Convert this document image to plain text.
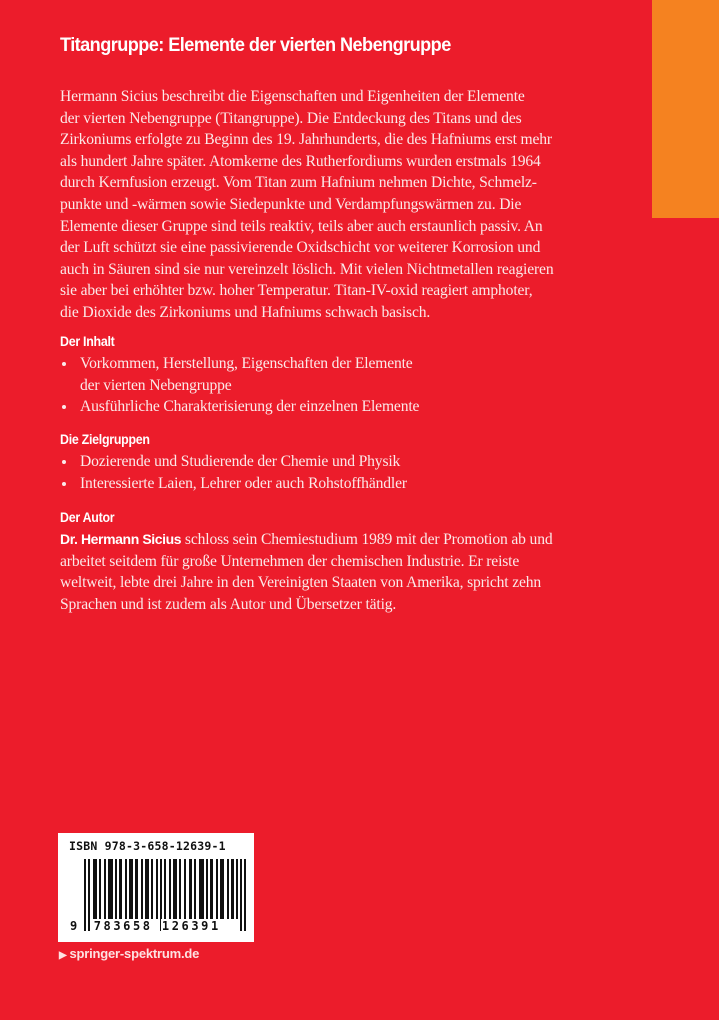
Titangruppe: Elemente der vierten Nebengruppe
Hermann Sicius beschreibt die Eigenschaften und Eigenheiten der Elemente
der vierten Nebengruppe (Titangruppe). Die Entdeckung des Titans und des
Zirkoniums erfolgte zu Beginn des 19. Jahrhunderts, die des Hafniums erst mehr
als hundert Jahre später. Atomkerne des Rutherfordiums wurden erstmals 1964
durch Kernfusion erzeugt. Vom Titan zum Hafnium nehmen Dichte, Schmelz-
punkte und -wärmen sowie Siedepunkte und Verdampfungswärmen zu. Die
Elemente dieser Gruppe sind teils reaktiv, teils aber auch erstaunlich passiv. An
der Luft schützt sie eine passivierende Oxidschicht vor weiterer Korrosion und
auch in Säuren sind sie nur vereinzelt löslich. Mit vielen Nichtmetallen reagieren
sie aber bei erhöhter bzw. hoher Temperatur. Titan-IV-oxid reagiert amphoter,
die Dioxide des Zirkoniums und Hafniums schwach basisch.
Der Inhalt
Vorkommen, Herstellung, Eigenschaften der Elemente
der vierten Nebengruppe
Ausführliche Charakterisierung der einzelnen Elemente
Die Zielgruppen
Dozierende und Studierende der Chemie und Physik
Interessierte Laien, Lehrer oder auch Rohstoffhändler
Der Autor
Dr. Hermann Sicius schloss sein Chemiestudium 1989 mit der Promotion ab und
arbeitet seitdem für große Unternehmen der chemischen Industrie. Er reiste
weltweit, lebte drei Jahre in den Vereinigten Staaten von Amerika, spricht zehn
Sprachen und ist zudem als Autor und Übersetzer tätig.
ISBN 978-3-658-12639-1
9 783658 126391
▶ springer-spektrum.de
